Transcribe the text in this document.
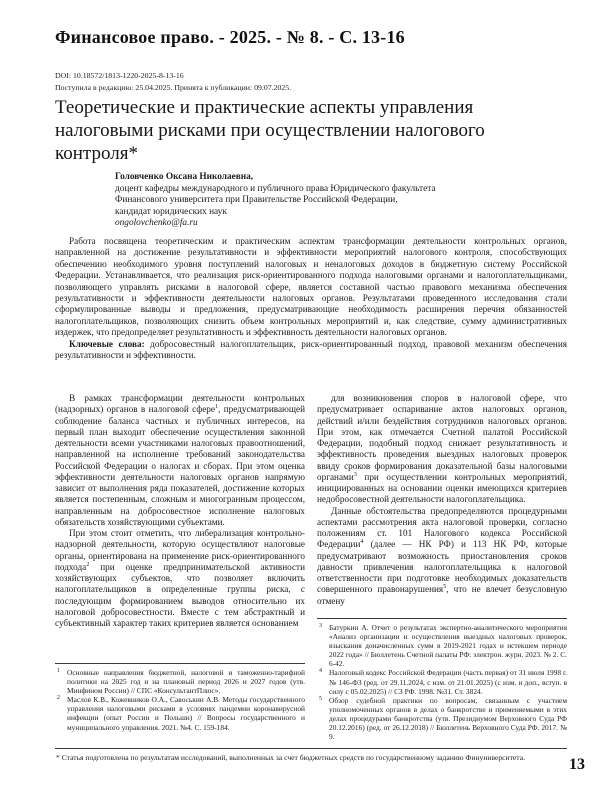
Финансовое право. - 2025. - № 8. - С. 13-16
DOI: 10.18572/1813-1220-2025-8-13-16
Поступила в редакцию: 25.04.2025. Принята к публикации: 09.07.2025.
Теоретические и практические аспекты управления налоговыми рисками при осуществлении налогового контроля*
Головченко Оксана Николаевна,
доцент кафедры международного и публичного права Юридического факультета
Финансового университета при Правительстве Российской Федерации,
кандидат юридических наук
ongolovchenko@fa.ru

Работа посвящена теоретическим и практическим аспектам трансформации деятельности контрольных органов, направленной на достижение результативности и эффективности мероприятий налогового контроля, способствующих обеспечению необходимого уровня поступлений налоговых и неналоговых доходов в бюджетную систему Российской Федерации. Устанавливается, что реализация риск-ориентированного подхода налоговыми органами и налогоплательщиками, позволяющего управлять рисками в налоговой сфере, является составной частью правового механизма обеспечения результативности и эффективности деятельности налоговых органов. Результатами проведенного исследования стали сформулированные выводы и предложения, предусматривающие необходимость расширения перечня обязанностей налогоплательщиков, позволяющих снизить объем контрольных мероприятий и, как следствие, сумму административных издержек, что предопределяет результативность и эффективность деятельности налоговых органов.

Ключевые слова: добросовестный налогоплательщик, риск-ориентированный подход, правовой механизм обеспечения результативности и эффективности.

В рамках трансформации деятельности контрольных (надзорных) органов в налоговой сфере$^1$, предусматривающей соблюдение баланса частных и публичных интересов, на первый план выходит обеспечение осуществления законной деятельности всеми участниками налоговых правоотношений, направленной на исполнение требований законодательства Российской Федерации о налогах и сборах. При этом оценка эффективности деятельности налоговых органов напрямую зависит от выполнения ряда показателей, достижение которых является постепенным, сложным и многогранным процессом, направленным на добросовестное исполнение налоговых обязательств хозяйствующими субъектами.

При этом стоит отметить, что либерализация контрольно-надзорной деятельности, которую осуществляют налоговые органы, ориентирована на применение риск-ориентированного подхода$^2$ при оценке предпринимательской активности хозяйствующих субъектов, что позволяет включить налогоплательщиков в определенные группы риска, с последующим формированием выводов относительно их налоговой добросовестности. Вместе с тем абстрактный и субъективный характер таких критериев является основанием

1 Основные направления бюджетной, налоговой и таможенно-тарифной политики на 2025 год и на плановый период 2026 и 2027 годов (утв. Минфином России) // СПС «КонсультантПлюс».
2 Маслов К.В., Кожевников О.А., Савоськин А.В. Методы государственного управления налоговыми рисками в условиях пандемии коронавирусной инфекции (опыт России и Польши) // Вопросы государственного и муниципального управления. 2021. №4. С. 159-184.

для возникновения споров в налоговой сфере, что предусматривает оспаривание актов налоговых органов, действий и/или бездействия сотрудников налоговых органов. При этом, как отмечается Счетной палатой Российской Федерации, подобный подход снижает результативность и эффективность проведения выездных налоговых проверок ввиду сроков формирования доказательной базы налоговыми органами$^3$ при осуществлении контрольных мероприятий, инициированных на основании оценки имеющихся критериев недобросовестной деятельности налогоплательщика.

Данные обстоятельства предопределяются процедурными аспектами рассмотрения акта налоговой проверки, согласно положениям ст. 101 Налогового кодекса Российской Федерации$^4$ (далее — НК РФ) и 113 НК РФ, которые предусматривают возможность приостановления сроков давности привлечения налогоплательщика к налоговой ответственности при подготовке необходимых доказательств совершенного правонарушения$^5$, что не влечет безусловную отмену

3 Батуркин А. Отчет о результатах экспертно-аналитического мероприятия «Анализ организации и осуществления выездных налоговых проверок, взыскания доначисленных сумм в 2019-2021 годах и истекшем периоде 2022 года» // Бюллетень Счетной палаты РФ: электрон. журн. 2023. № 2. С. 6-42.
4 Налоговый кодекс Российской Федерации (часть первая) от 31 июля 1998 г. № 146-ФЗ (ред. от 29.11.2024, с изм. от 21.01.2025) (с изм. и доп., вступ. в силу с 05.02.2025) // СЗ РФ. 1998. №31. Ст. 3824.
5 Обзор судебной практики по вопросам, связанным с участием уполномоченных органов в делах о банкротстве и применяемыми в этих делах процедурами банкротства (утв. Президиумом Верховного Суда РФ 20.12.2016) (ред. от 26.12.2018) // Бюллетень Верховного Суда РФ. 2017. № 9.
* Статья подготовлена по результатам исследований, выполненных за счет бюджетных средств по государственному заданию Финуниверситета.	13
